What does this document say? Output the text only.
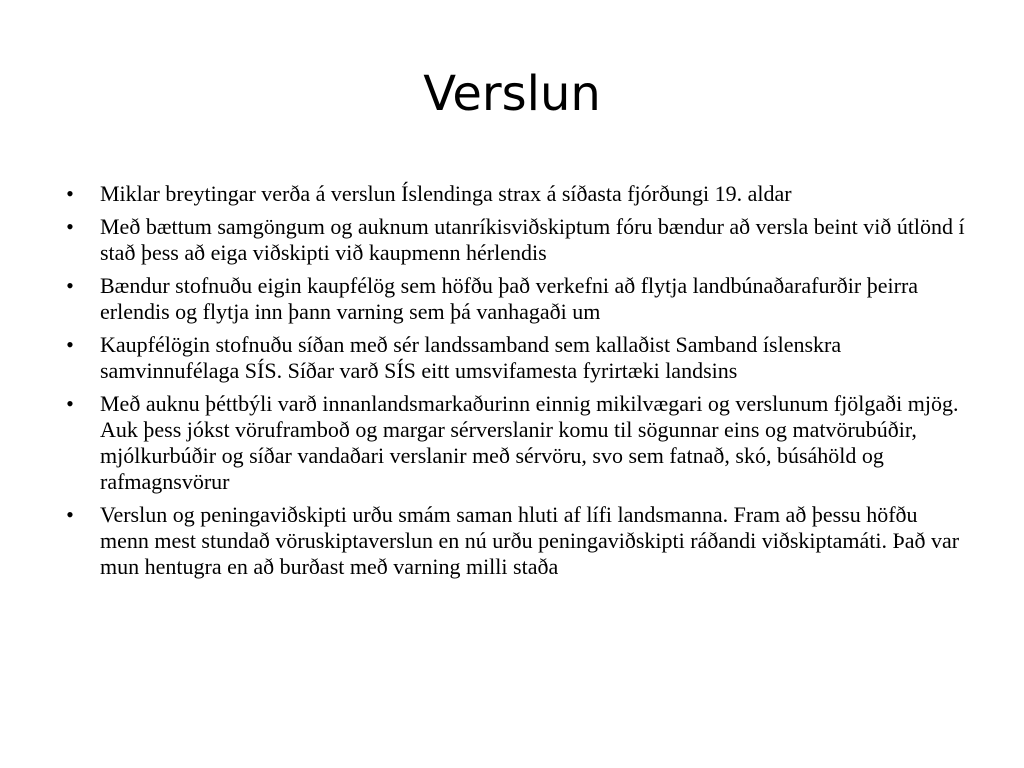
Verslun
• Miklar breytingar verða á verslun Íslendinga strax á síðasta fjórðungi 19. aldar
• Með bættum samgöngum og auknum utanríkisviðskiptum fóru bændur að versla beint við útlönd í stað þess að eiga viðskipti við kaupmenn hérlendis
• Bændur stofnuðu eigin kaupfélög sem höfðu það verkefni að flytja landbúnaðarafurðir þeirra erlendis og flytja inn þann varning sem þá vanhagaði um
• Kaupfélögin stofnuðu síðan með sér landssamband sem kallaðist Samband íslenskra samvinnufélaga SÍS. Síðar varð SÍS eitt umsvifamesta fyrirtæki landsins
• Með auknu þéttbýli varð innanlandsmarkaðurinn einnig mikilvægari og verslunum fjölgaði mjög. Auk þess jókst vöruframboð og margar sérverslanir komu til sögunnar eins og matvörubúðir, mjólkurbúðir og síðar vandaðari verslanir með sérvöru, svo sem fatnað, skó, búsáhöld og rafmagnsvörur
• Verslun og peningaviðskipti urðu smám saman hluti af lífi landsmanna. Fram að þessu höfðu menn mest stundað vöruskiptaverslun en nú urðu peningaviðskipti ráðandi viðskiptamáti. Það var mun hentugra en að burðast með varning milli staða
